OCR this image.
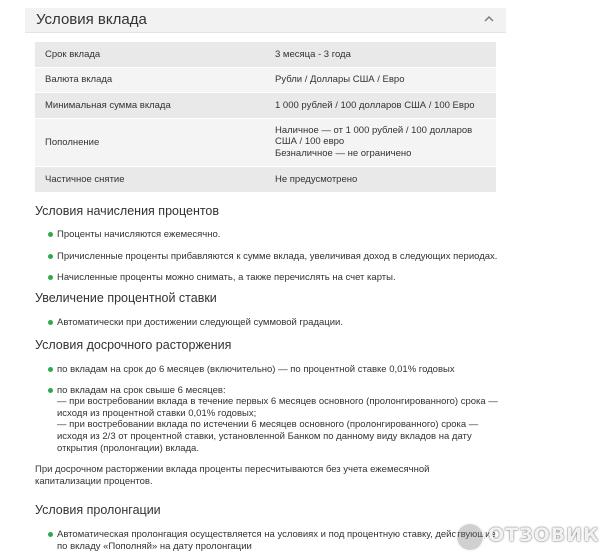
Условия вклада
Срок вклада	3 месяца - 3 года
Валюта вклада	Рубли / Доллары США / Евро
Минимальная сумма вклада	1 000 рублей / 100 долларов США / 100 Евро
Пополнение	Наличное — от 1 000 рублей / 100 долларов
США / 100 евро
Безналичное — не ограничено

Частичное снятие	Не предусмотрено
Условия начисления процентов
Проценты начисляются ежемесячно.
Причисленные проценты прибавляются к сумме вклада, увеличивая доход в следующих периодах.
Начисленные проценты можно снимать, а также перечислять на счет карты.
Увеличение процентной ставки
Автоматически при достижении следующей суммовой градации.
Условия досрочного расторжения
по вкладам на срок до 6 месяцев (включительно) — по процентной ставке 0,01% годовых
по вкладам на срок свыше 6 месяцев:
— при востребовании вклада в течение первых 6 месяцев основного (пролонгированного) срока —
исходя из процентной ставки 0,01% годовых;
— при востребовании вклада по истечении 6 месяцев основного (пролонгированного) срока —
исходя из 2/3 от процентной ставки, установленной Банком по данному виду вкладов на дату
открытия (пролонгации) вклада.
При досрочном расторжении вклада проценты пересчитываются без учета ежемесячной
капитализации процентов.
Условия пролонгации
Автоматическая пролонгация осуществляется на условиях и под процентную ставку, действующие
по вкладу «Пополняй» на дату пролонгации
ОТЗОВИК
